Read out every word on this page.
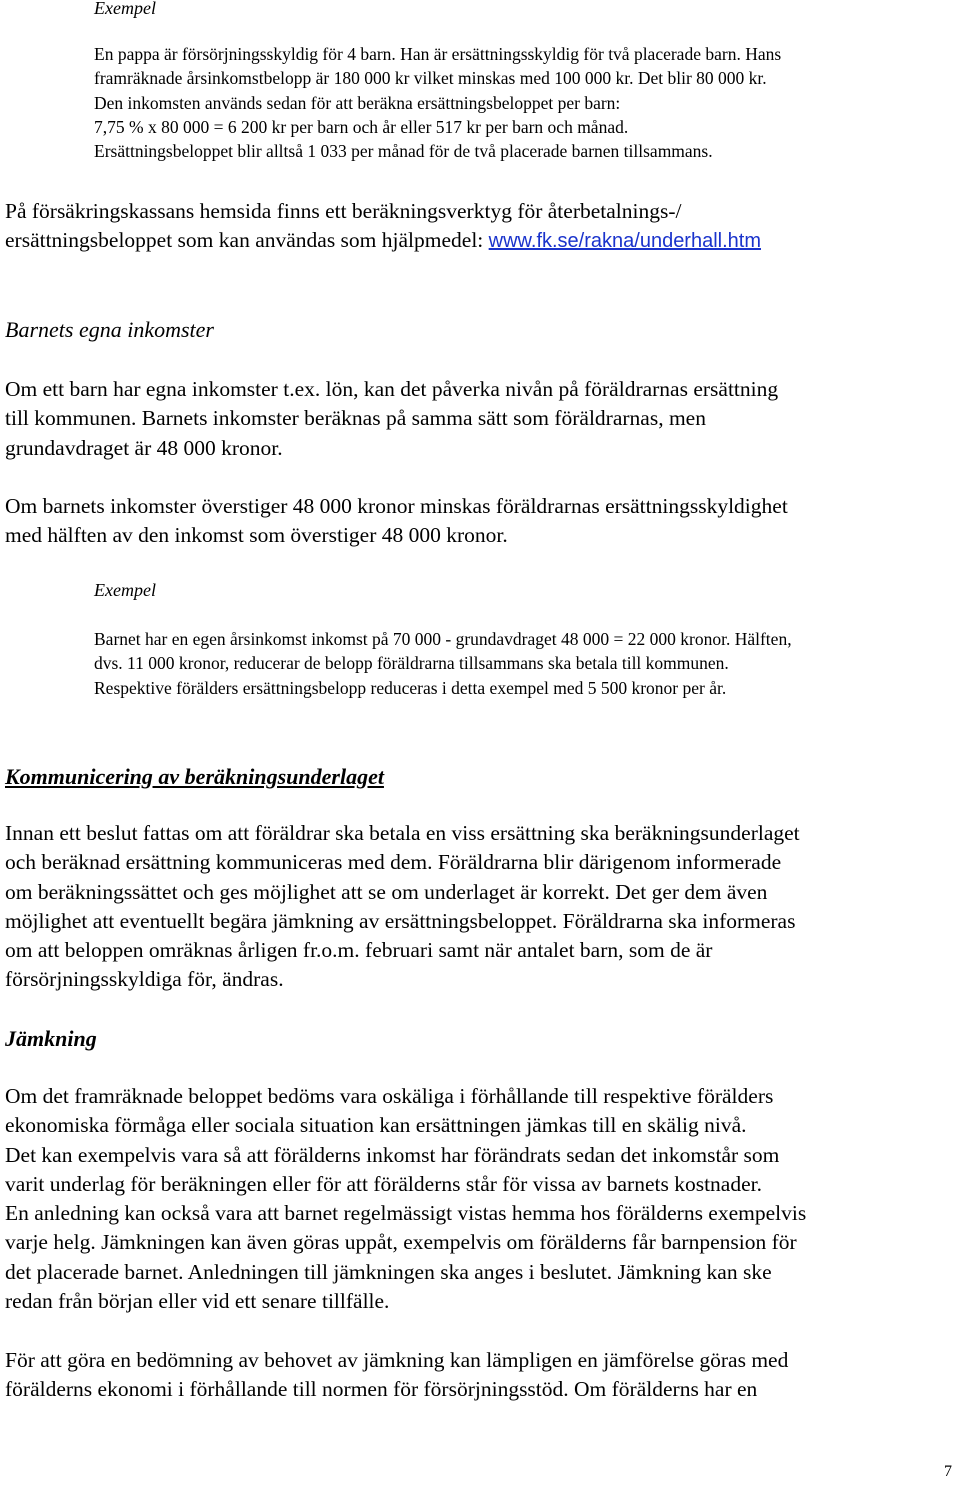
Exempel
En pappa är försörjningsskyldig för 4 barn. Han är ersättningsskyldig för två placerade barn. Hans
framräknade årsinkomstbelopp är 180 000 kr vilket minskas med 100 000 kr. Det blir 80 000 kr.
Den inkomsten används sedan för att beräkna ersättningsbeloppet per barn:
7,75 % x 80 000 = 6 200 kr per barn och år eller 517 kr per barn och månad.
Ersättningsbeloppet blir alltså 1 033 per månad för de två placerade barnen tillsammans.
På försäkringskassans hemsida finns ett beräkningsverktyg för återbetalnings-/
ersättningsbeloppet som kan användas som hjälpmedel: www.fk.se/rakna/underhall.htm
Barnets egna inkomster
Om ett barn har egna inkomster t.ex. lön, kan det påverka nivån på föräldrarnas ersättning
till kommunen. Barnets inkomster beräknas på samma sätt som föräldrarnas, men
grundavdraget är 48 000 kronor.
Om barnets inkomster överstiger 48 000 kronor minskas föräldrarnas ersättningsskyldighet
med hälften av den inkomst som överstiger 48 000 kronor.
Exempel
Barnet har en egen årsinkomst inkomst på 70 000 - grundavdraget 48 000 = 22 000 kronor. Hälften,
dvs. 11 000 kronor, reducerar de belopp föräldrarna tillsammans ska betala till kommunen.
Respektive förälders ersättningsbelopp reduceras i detta exempel med 5 500 kronor per år.
Kommunicering av beräkningsunderlaget
Innan ett beslut fattas om att föräldrar ska betala en viss ersättning ska beräkningsunderlaget
och beräknad ersättning kommuniceras med dem. Föräldrarna blir därigenom informerade
om beräkningssättet och ges möjlighet att se om underlaget är korrekt. Det ger dem även
möjlighet att eventuellt begära jämkning av ersättningsbeloppet. Föräldrarna ska informeras
om att beloppen omräknas årligen fr.o.m. februari samt när antalet barn, som de är
försörjningsskyldiga för, ändras.
Jämkning
Om det framräknade beloppet bedöms vara oskäliga i förhållande till respektive förälders
ekonomiska förmåga eller sociala situation kan ersättningen jämkas till en skälig nivå.
Det kan exempelvis vara så att förälderns inkomst har förändrats sedan det inkomstår som
varit underlag för beräkningen eller för att förälderns står för vissa av barnets kostnader.
En anledning kan också vara att barnet regelmässigt vistas hemma hos förälderns exempelvis
varje helg. Jämkningen kan även göras uppåt, exempelvis om förälderns får barnpension för
det placerade barnet. Anledningen till jämkningen ska anges i beslutet. Jämkning kan ske
redan från början eller vid ett senare tillfälle.
För att göra en bedömning av behovet av jämkning kan lämpligen en jämförelse göras med
förälderns ekonomi i förhållande till normen för försörjningsstöd. Om förälderns har en
7
